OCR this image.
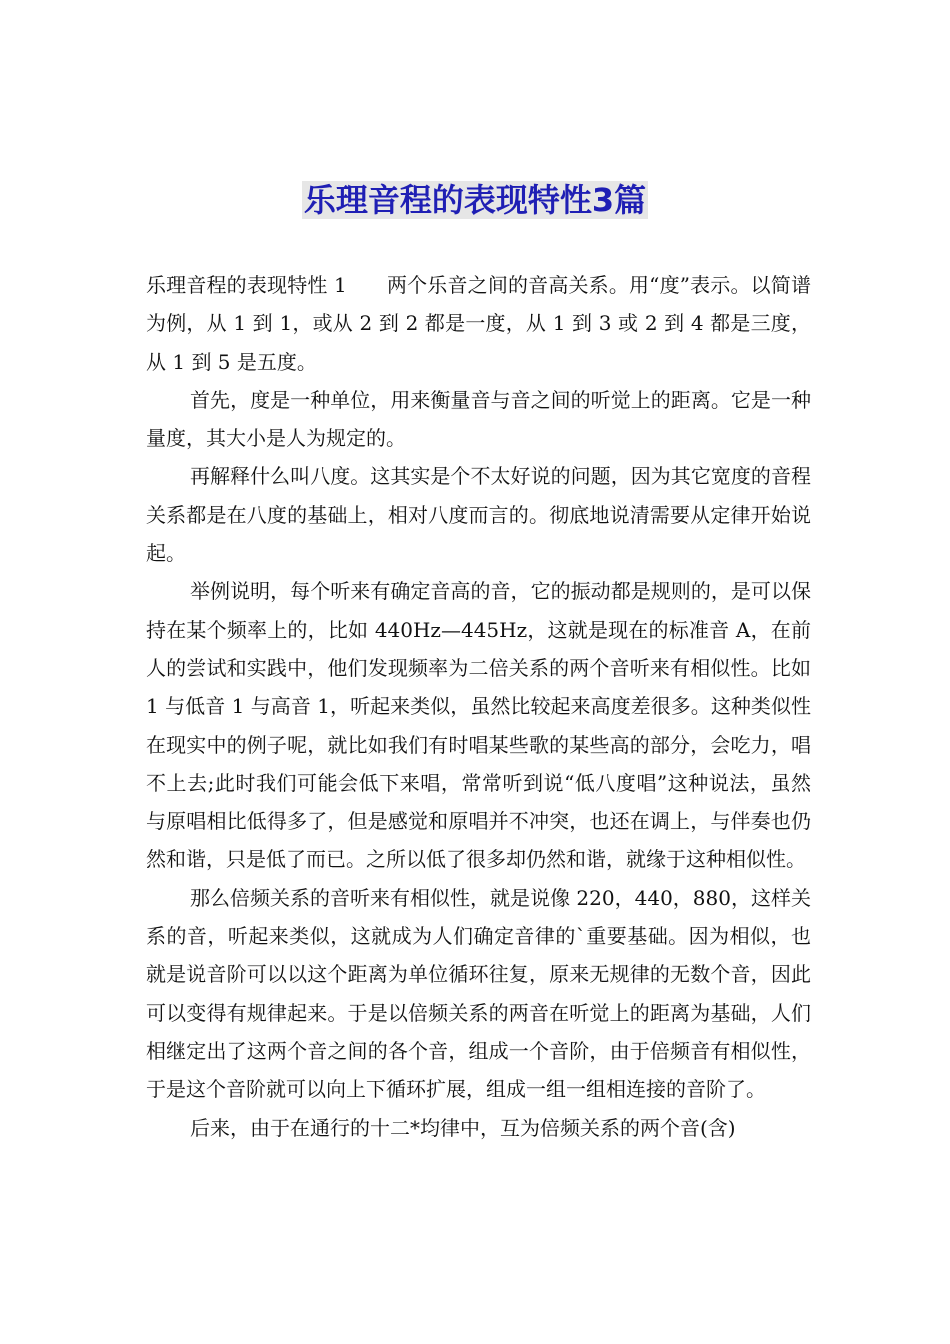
乐理音程的表现特性3篇

乐理音程的表现特性 1 两个乐音之间的音高关系。用“度”表示。以简谱为例，从 1 到 1，或从 2 到 2 都是一度，从 1 到 3 或 2 到 4 都是三度，从 1 到 5 是五度。

首先，度是一种单位，用来衡量音与音之间的听觉上的距离。它是一种量度，其大小是人为规定的。

再解释什么叫八度。这其实是个不太好说的问题，因为其它宽度的音程关系都是在八度的基础上，相对八度而言的。彻底地说清需要从定律开始说起。

举例说明，每个听来有确定音高的音，它的振动都是规则的，是可以保持在某个频率上的，比如 440Hz—445Hz，这就是现在的标准音 A，在前人的尝试和实践中，他们发现频率为二倍关系的两个音听来有相似性。比如 1 与低音 1 与高音 1，听起来类似，虽然比较起来高度差很多。这种类似性在现实中的例子呢，就比如我们有时唱某些歌的某些高的部分，会吃力，唱不上去;此时我们可能会低下来唱，常常听到说“低八度唱”这种说法，虽然与原唱相比低得多了，但是感觉和原唱并不冲突，也还在调上，与伴奏也仍然和谐，只是低了而已。之所以低了很多却仍然和谐，就缘于这种相似性。

那么倍频关系的音听来有相似性，就是说像 220，440，880，这样关系的音，听起来类似，这就成为人们确定音律的`重要基础。因为相似，也就是说音阶可以以这个距离为单位循环往复，原来无规律的无数个音，因此可以变得有规律起来。于是以倍频关系的两音在听觉上的距离为基础，人们相继定出了这两个音之间的各个音，组成一个音阶，由于倍频音有相似性，于是这个音阶就可以向上下循环扩展，组成一组一组相连接的音阶了。

后来，由于在通行的十二*均律中，互为倍频关系的两个音(含)
